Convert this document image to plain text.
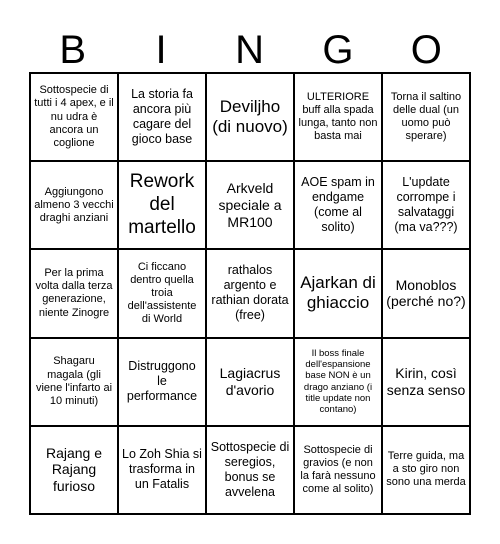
B	I	N	G	O
Sottospecie di tutti i 4 apex, e il nu udra è ancora un coglione
La storia fa ancora più cagare del gioco base
Deviljho (di nuovo)
ULTERIORE buff alla spada lunga, tanto non basta mai
Torna il saltino delle dual (un uomo può sperare)
Aggiungono almeno 3 vecchi draghi anziani
Rework del martello
Arkveld speciale a MR100
AOE spam in endgame (come al solito)
L'update corrompe i salvataggi (ma va???)
Per la prima volta dalla terza generazione, niente Zinogre
Ci ficcano dentro quella troia dell'assistente di World
rathalos argento e rathian dorata (free)
Ajarkan di ghiaccio
Monoblos (perché no?)
Shagaru magala (gli viene l'infarto ai 10 minuti)
Distruggono le performance
Lagiacrus d'avorio
Il boss finale dell'espansione base NON è un drago anziano (i title update non contano)
Kirin, così senza senso
Rajang e Rajang furioso
Lo Zoh Shia si trasforma in un Fatalis
Sottospecie di seregios, bonus se avvelena
Sottospecie di gravios (e non la farà nessuno come al solito)
Terre guida, ma a sto giro non sono una merda
